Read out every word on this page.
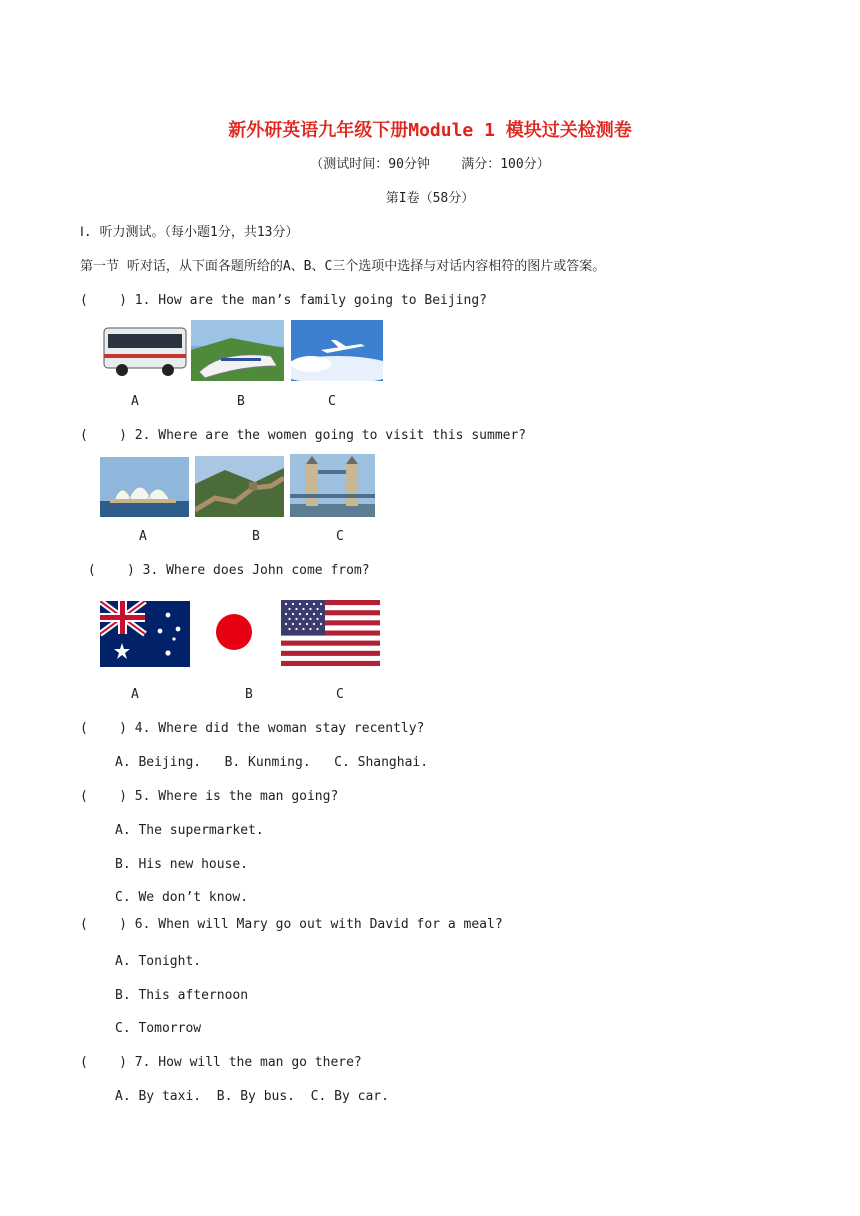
新外研英语九年级下册Module 1 模块过关检测卷
（测试时间：90分钟    满分：100分）
第I卷（58分）
Ⅰ. 听力测试。（每小题1分，共13分）
第一节 听对话，从下面各题所给的A、B、C三个选项中选择与对话内容相符的图片或答案。
(    ) 1. How are the man’s family going to Beijing?
A	B	C
(    ) 2. Where are the women going to visit this summer?
A	B	C
(    ) 3. Where does John come from?
A	B	C
(    ) 4. Where did the woman stay recently?
A. Beijing.   B. Kunming.   C. Shanghai.
(    ) 5. Where is the man going?
A. The supermarket.
B. His new house.
C. We don’t know.
(    ) 6. When will Mary go out with David for a meal?
A. Tonight.
B. This afternoon
C. Tomorrow
(    ) 7. How will the man go there?
A. By taxi.  B. By bus.  C. By car.
